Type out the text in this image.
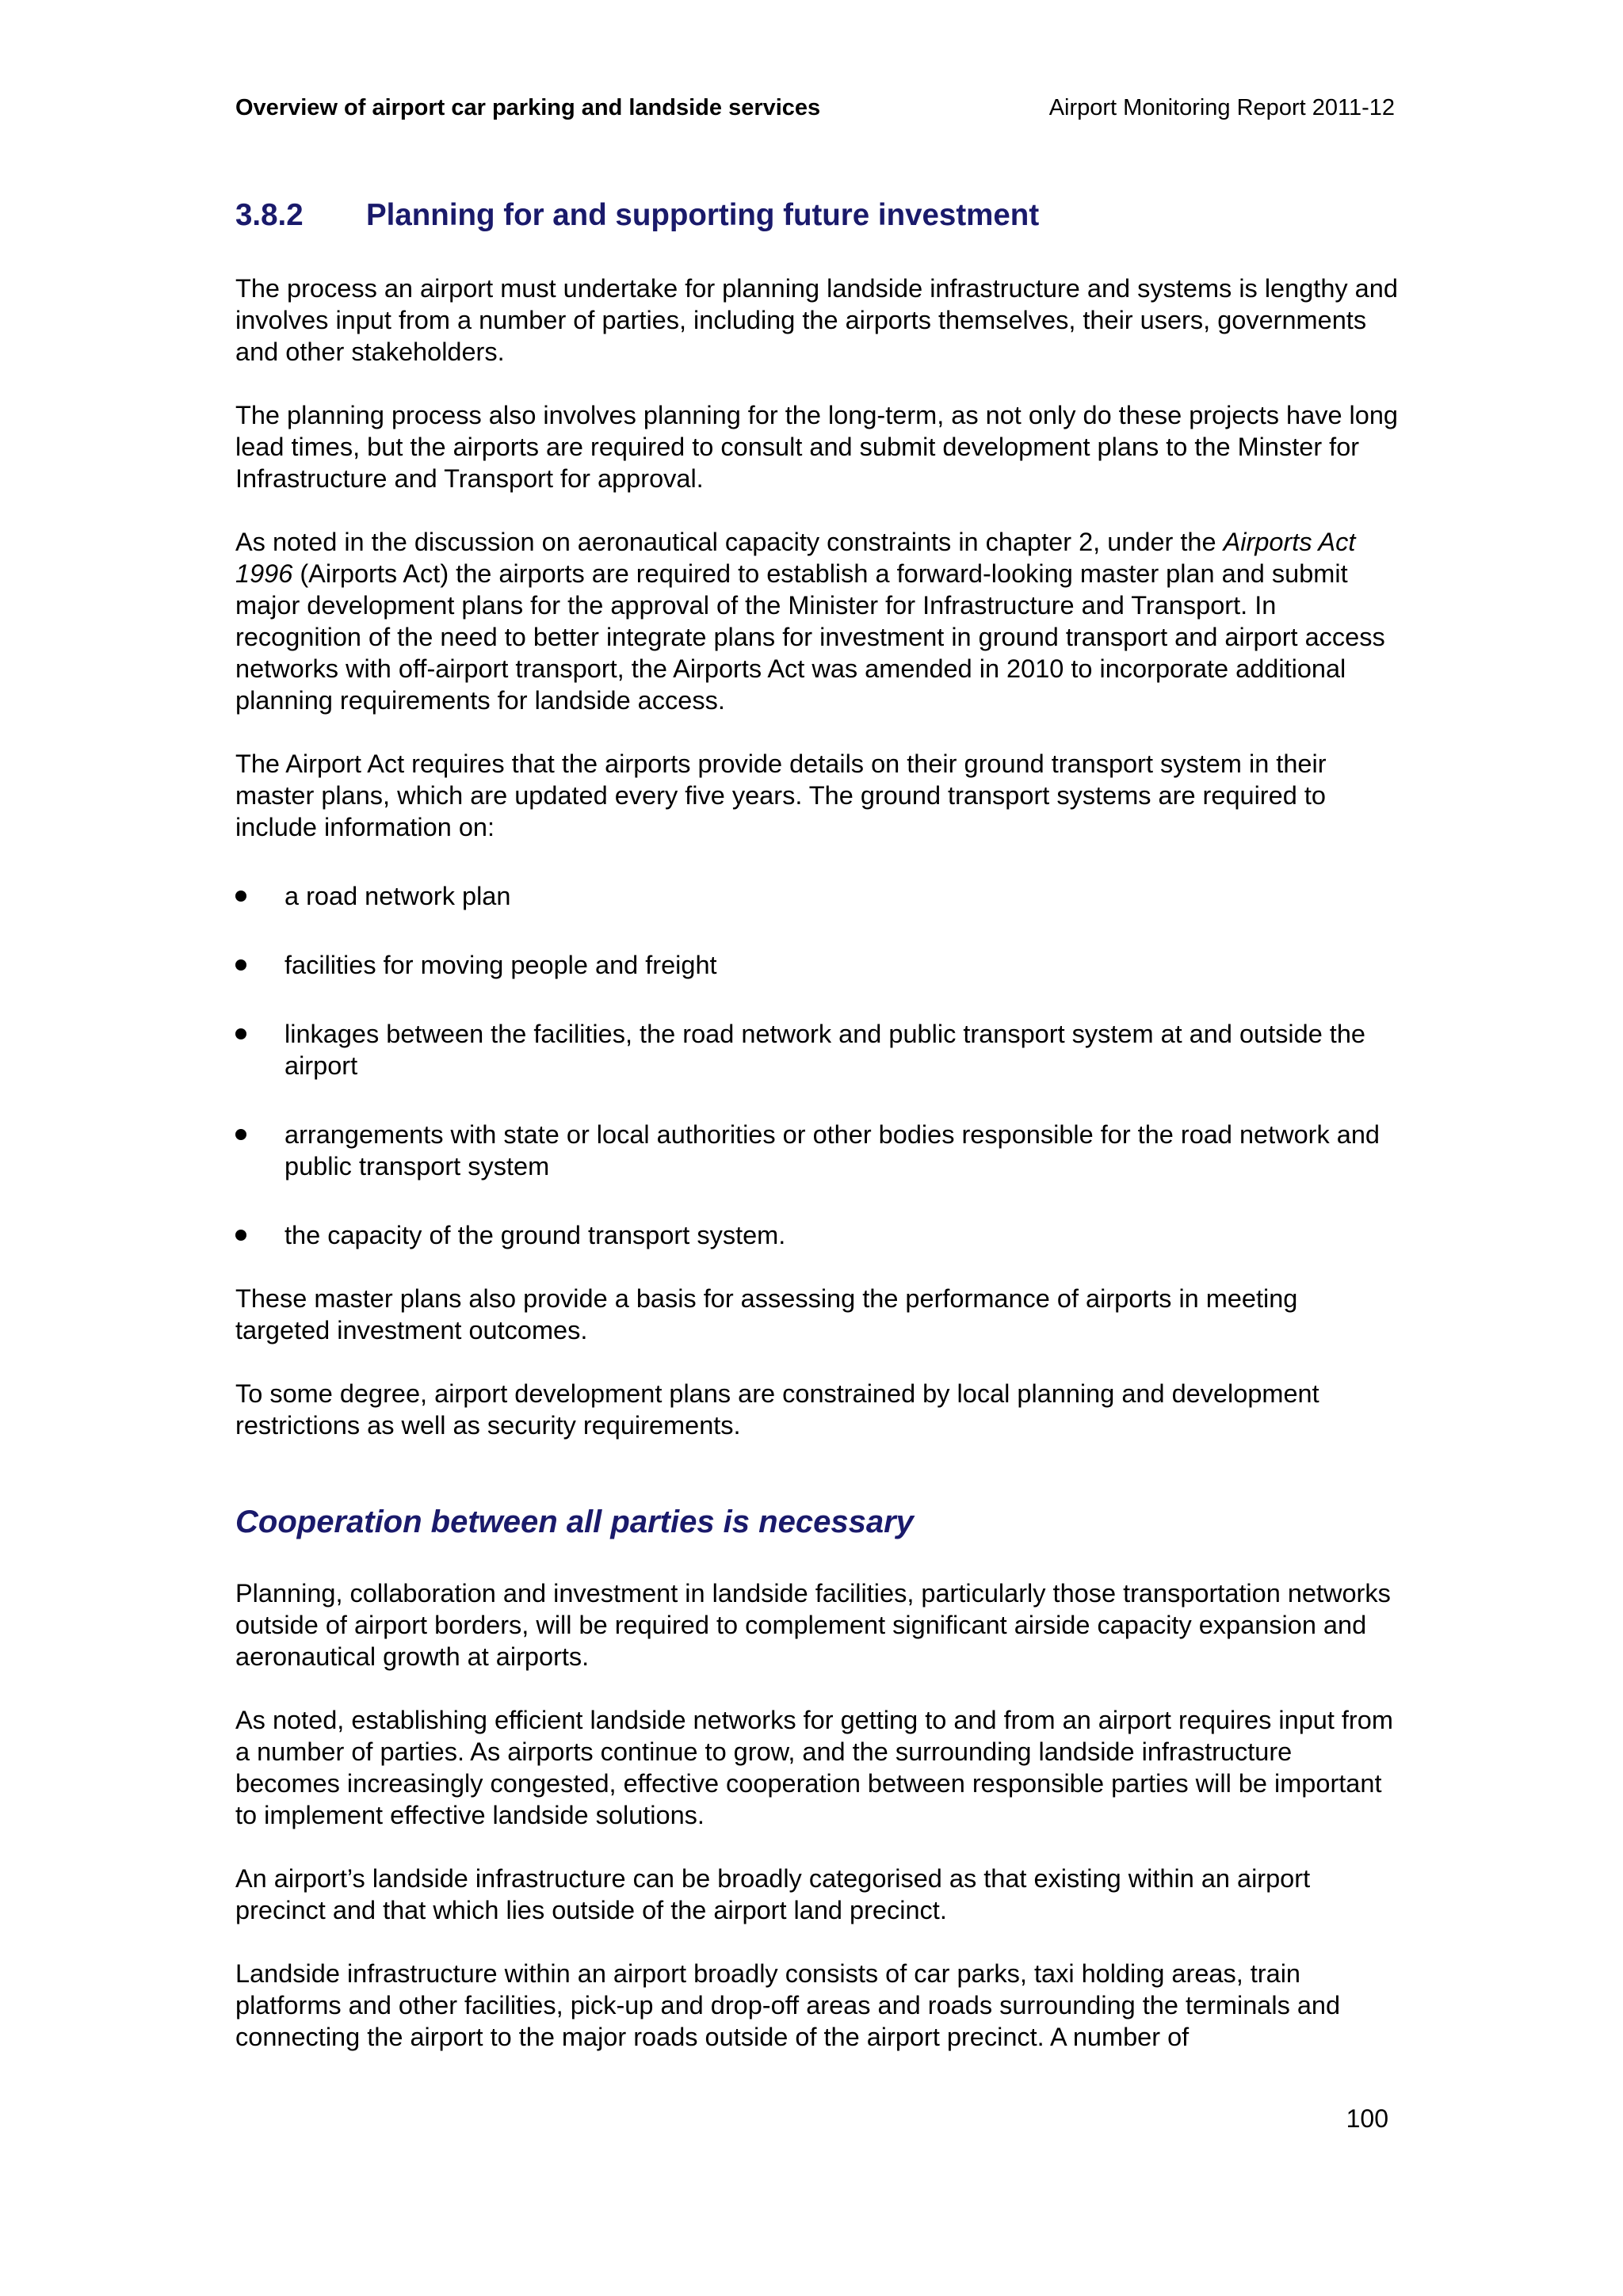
Overview of airport car parking and landside services	Airport Monitoring Report 2011-12
3.8.2 Planning for and supporting future investment

The process an airport must undertake for planning landside infrastructure and systems is lengthy and involves input from a number of parties, including the airports themselves, their users, governments and other stakeholders.

The planning process also involves planning for the long-term, as not only do these projects have long lead times, but the airports are required to consult and submit development plans to the Minster for Infrastructure and Transport for approval.

As noted in the discussion on aeronautical capacity constraints in chapter 2, under the Airports Act 1996 (Airports Act) the airports are required to establish a forward-looking master plan and submit major development plans for the approval of the Minister for Infrastructure and Transport. In recognition of the need to better integrate plans for investment in ground transport and airport access networks with off-airport transport, the Airports Act was amended in 2010 to incorporate additional planning requirements for landside access.

The Airport Act requires that the airports provide details on their ground transport system in their master plans, which are updated every five years. The ground transport systems are required to include information on:

a road network plan
facilities for moving people and freight
linkages between the facilities, the road network and public transport system at and outside the airport
arrangements with state or local authorities or other bodies responsible for the road network and public transport system
the capacity of the ground transport system.

These master plans also provide a basis for assessing the performance of airports in meeting targeted investment outcomes.

To some degree, airport development plans are constrained by local planning and development restrictions as well as security requirements.

Cooperation between all parties is necessary

Planning, collaboration and investment in landside facilities, particularly those transportation networks outside of airport borders, will be required to complement significant airside capacity expansion and aeronautical growth at airports.

As noted, establishing efficient landside networks for getting to and from an airport requires input from a number of parties. As airports continue to grow, and the surrounding landside infrastructure becomes increasingly congested, effective cooperation between responsible parties will be important to implement effective landside solutions.

An airport’s landside infrastructure can be broadly categorised as that existing within an airport precinct and that which lies outside of the airport land precinct.

Landside infrastructure within an airport broadly consists of car parks, taxi holding areas, train platforms and other facilities, pick-up and drop-off areas and roads surrounding the terminals and connecting the airport to the major roads outside of the airport precinct. A number of

100
